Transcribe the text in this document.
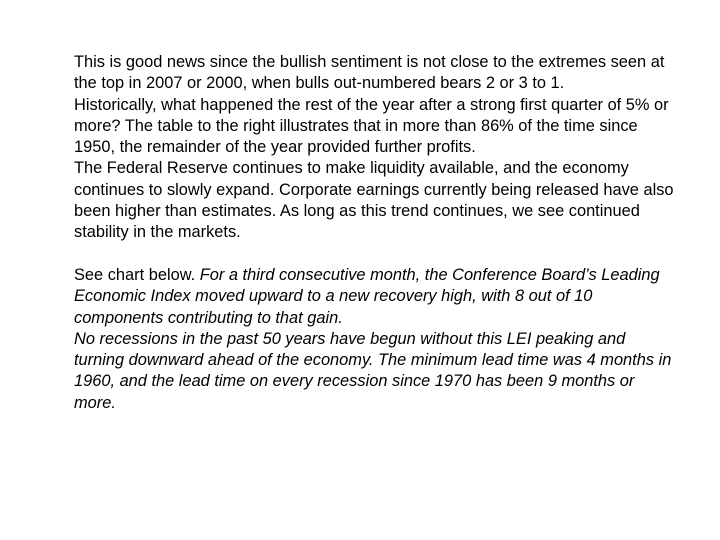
This is good news since the bullish sentiment is not close to the extremes seen at the top in 2007 or 2000, when bulls out-numbered bears 2 or 3 to 1.

Historically, what happened the rest of the year after a strong first quarter of 5% or more? The table to the right illustrates that in more than 86% of the time since 1950, the remainder of the year provided further profits.

The Federal Reserve continues to make liquidity available, and the economy continues to slowly expand. Corporate earnings currently being released have also been higher than estimates. As long as this trend continues, we see continued stability in the markets.

See chart below. For a third consecutive month, the Conference Board’s Leading Economic Index moved upward to a new recovery high, with 8 out of 10 components contributing to that gain.

No recessions in the past 50 years have begun without this LEI peaking and turning downward ahead of the economy. The minimum lead time was 4 months in 1960, and the lead time on every recession since 1970 has been 9 months or more.
